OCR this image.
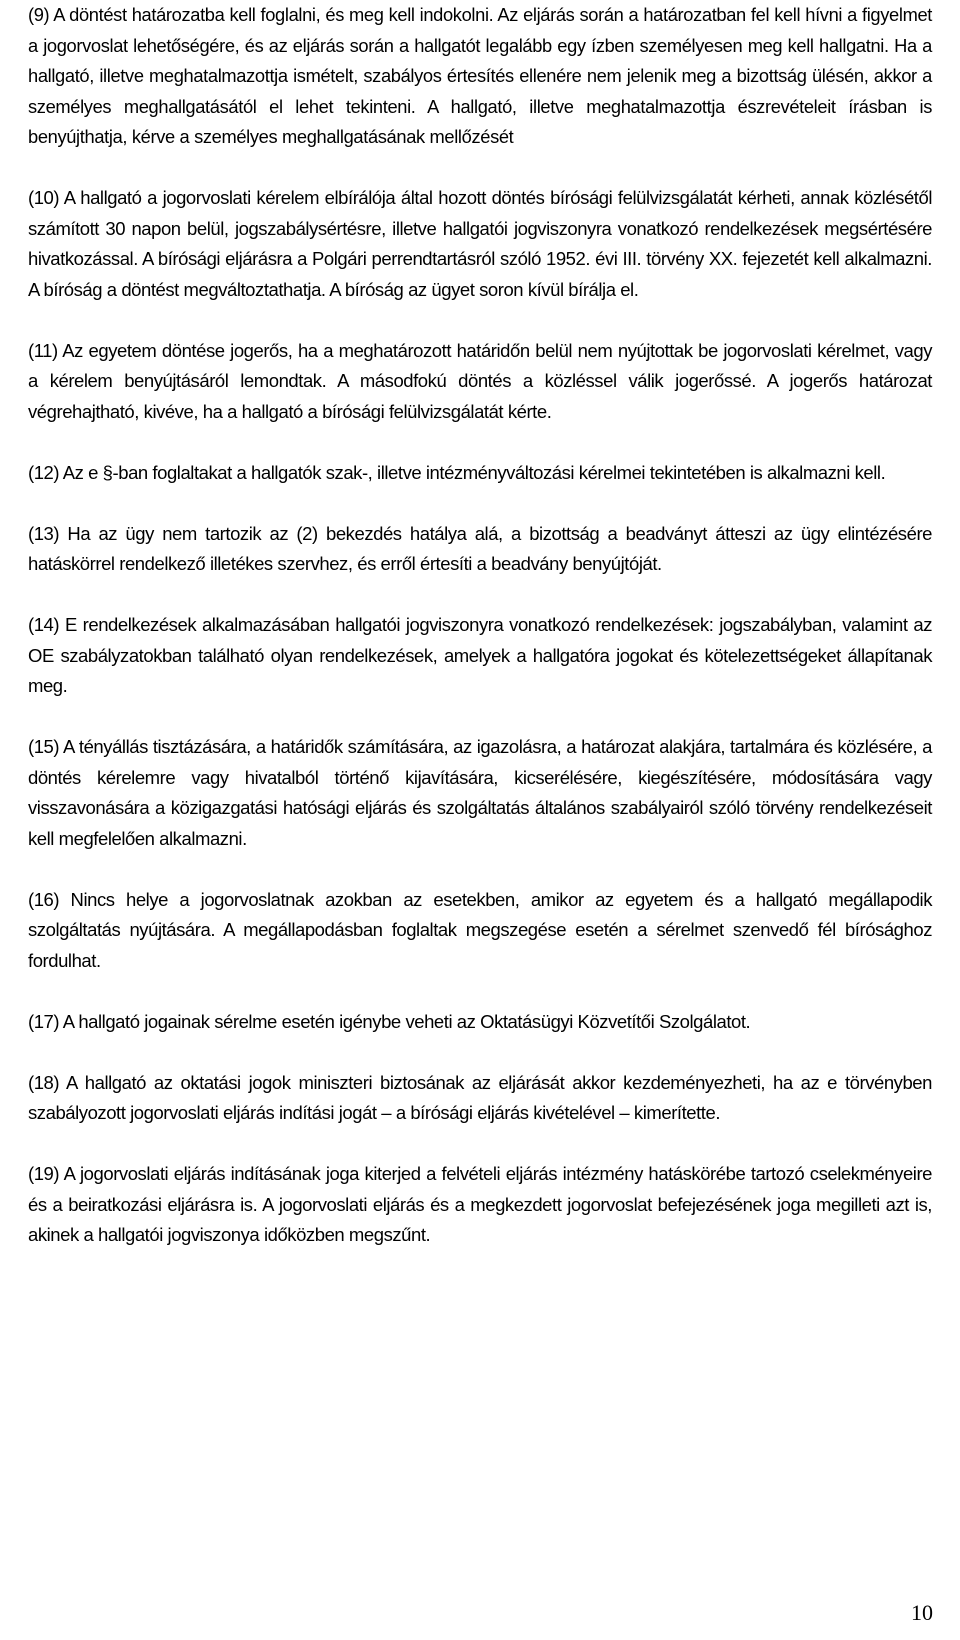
(9) A döntést határozatba kell foglalni, és meg kell indokolni. Az eljárás során a határozatban fel kell hívni a figyelmet a jogorvoslat lehetőségére, és az eljárás során a hallgatót legalább egy ízben személyesen meg kell hallgatni. Ha a hallgató, illetve meghatalmazottja ismételt, szabályos értesítés ellenére nem jelenik meg a bizottság ülésén, akkor a személyes meghallgatásától el lehet tekinteni. A hallgató, illetve meghatalmazottja észrevételeit írásban is benyújthatja, kérve a személyes meghallgatásának mellőzését

(10) A hallgató a jogorvoslati kérelem elbírálója által hozott döntés bírósági felülvizsgálatát kérheti, annak közlésétől számított 30 napon belül, jogszabálysértésre, illetve hallgatói jogviszonyra vonatkozó rendelkezések megsértésére hivatkozással. A bírósági eljárásra a Polgári perrendtartásról szóló 1952. évi III. törvény XX. fejezetét kell alkalmazni. A bíróság a döntést megváltoztathatja. A bíróság az ügyet soron kívül bírálja el.

(11) Az egyetem döntése jogerős, ha a meghatározott határidőn belül nem nyújtottak be jogorvoslati kérelmet, vagy a kérelem benyújtásáról lemondtak. A másodfokú döntés a közléssel válik jogerőssé. A jogerős határozat végrehajtható, kivéve, ha a hallgató a bírósági felülvizsgálatát kérte.

(12) Az e §-ban foglaltakat a hallgatók szak-, illetve intézményváltozási kérelmei tekintetében is alkalmazni kell.

(13) Ha az ügy nem tartozik az (2) bekezdés hatálya alá, a bizottság a beadványt átteszi az ügy elintézésére hatáskörrel rendelkező illetékes szervhez, és erről értesíti a beadvány benyújtóját.

(14) E rendelkezések alkalmazásában hallgatói jogviszonyra vonatkozó rendelkezések: jogszabályban, valamint az OE szabályzatokban található olyan rendelkezések, amelyek a hallgatóra jogokat és kötelezettségeket állapítanak meg.

(15) A tényállás tisztázására, a határidők számítására, az igazolásra, a határozat alakjára, tartalmára és közlésére, a döntés kérelemre vagy hivatalból történő kijavítására, kicserélésére, kiegészítésére, módosítására vagy visszavonására a közigazgatási hatósági eljárás és szolgáltatás általános szabályairól szóló törvény rendelkezéseit kell megfelelően alkalmazni.

(16) Nincs helye a jogorvoslatnak azokban az esetekben, amikor az egyetem és a hallgató megállapodik szolgáltatás nyújtására. A megállapodásban foglaltak megszegése esetén a sérelmet szenvedő fél bírósághoz fordulhat.

(17) A hallgató jogainak sérelme esetén igénybe veheti az Oktatásügyi Közvetítői Szolgálatot.

(18) A hallgató az oktatási jogok miniszteri biztosának az eljárását akkor kezdeményezheti, ha az e törvényben szabályozott jogorvoslati eljárás indítási jogát – a bírósági eljárás kivételével – kimerítette.

(19) A jogorvoslati eljárás indításának joga kiterjed a felvételi eljárás intézmény hatáskörébe tartozó cselekményeire és a beiratkozási eljárásra is. A jogorvoslati eljárás és a megkezdett jogorvoslat befejezésének joga megilleti azt is, akinek a hallgatói jogviszonya időközben megszűnt.

10
